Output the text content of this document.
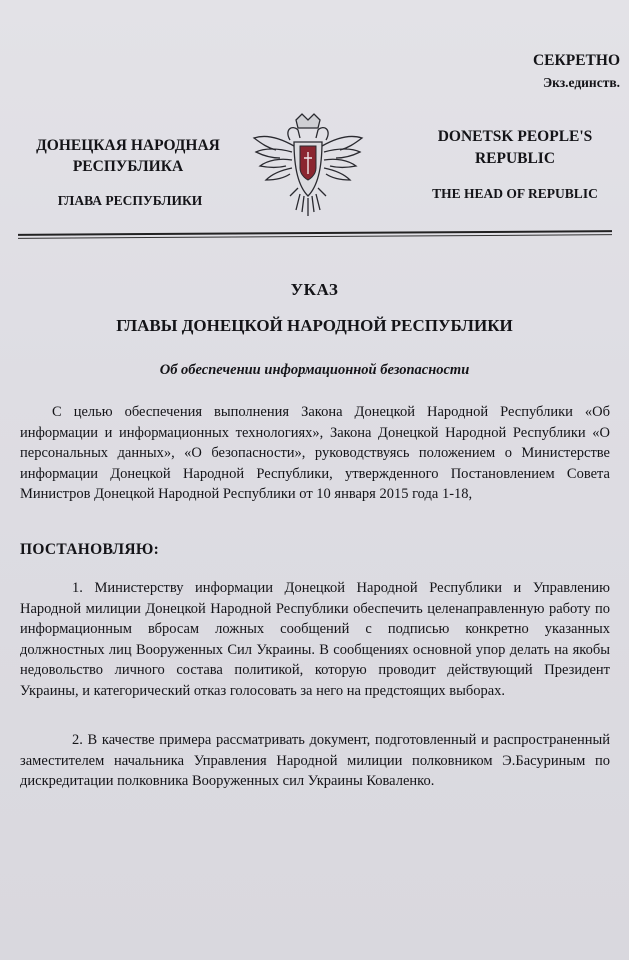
СЕКРЕТНО
Экз.единств.
ДОНЕЦКАЯ НАРОДНАЯ РЕСПУБЛИКА
ГЛАВА РЕСПУБЛИКИ
DONETSK PEOPLE'S REPUBLIC
THE HEAD OF REPUBLIC
УКАЗ
ГЛАВЫ ДОНЕЦКОЙ НАРОДНОЙ РЕСПУБЛИКИ
Об обеспечении информационной безопасности
С целью обеспечения выполнения Закона Донецкой Народной Республики «Об информации и информационных технологиях», Закона Донецкой Народной Республики «О персональных данных», «О безопасности», руководствуясь положением о Министерстве информации Донецкой Народной Республики, утвержденного Постановлением Совета Министров Донецкой Народной Республики от 10 января 2015 года 1-18,
ПОСТАНОВЛЯЮ:
1. Министерству информации Донецкой Народной Республики и Управлению Народной милиции Донецкой Народной Республики обеспечить целенаправленную работу по информационным вбросам ложных сообщений с подписью конкретно указанных должностных лиц Вооруженных Сил Украины. В сообщениях основной упор делать на якобы недовольство личного состава политикой, которую проводит действующий Президент Украины, и категорический отказ голосовать за него на предстоящих выборах.
2. В качестве примера рассматривать документ, подготовленный и распространенный заместителем начальника Управления Народной милиции полковником Э.Басуриным по дискредитации полковника Вооруженных сил Украины Коваленко.
